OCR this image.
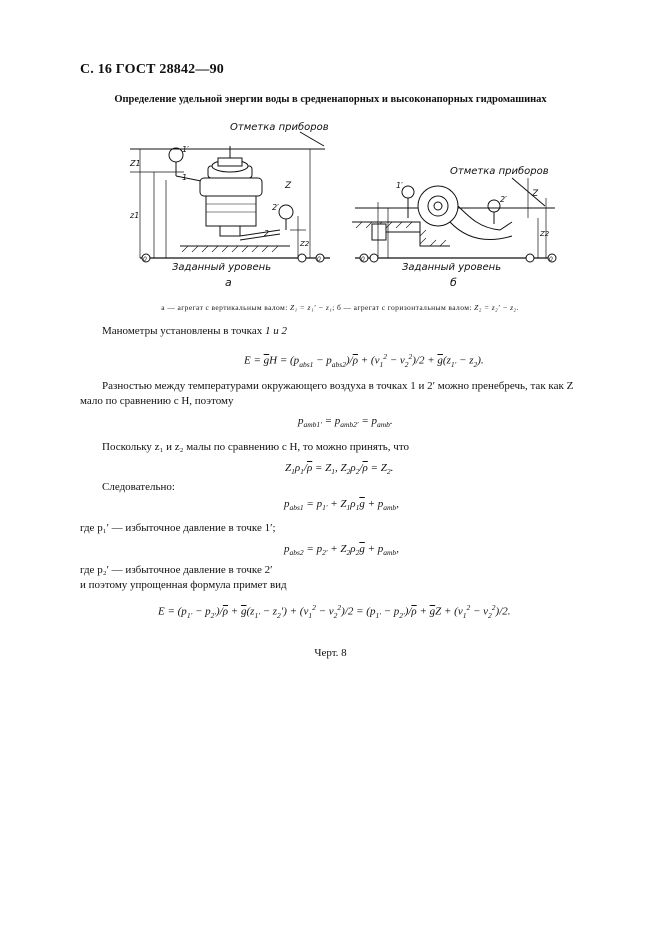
С. 16 ГОСТ 28842—90
Определение удельной энергии воды в средненапорных и высоконапорных гидромашинах
Отметка приборов
Заданный уровень
а
1′
1
2′
2
Z
Z1
z1
Z2
0	0
Отметка приборов
Заданный уровень
б
1′
2′
Z
Z2
0	0
а — агрегат с вертикальным валом: Z₁ = z₁′ − z₁; б — агрегат с горизонтальным валом: Z₂ = z₂′ − z₂.
Манометры установлены в точках 1 и 2
$E = \overline{g}H = (p_{abs1} - p_{abs2})/\overline{\rho} + (v_1^2 - v_2^2)/2 + \overline{g}(z_{1'} - z_2)$.
Разностью между температурами окружающего воздуха в точках 1 и 2′ можно пренебречь, так как Z мало по сравнению с H, поэтому
$p_{amb1'} = p_{amb2'} = p_{amb}$.
Поскольку z₁ и z₂ малы по сравнению с H, то можно принять, что
$Z_1\rho_1/\overline{\rho} = Z_1$, $Z_2\rho_2/\overline{\rho} = Z_2$.
Следовательно:
$p_{abs1} = p_{1'} + Z_1\rho_1\overline{g} + p_{amb}$,
где p₁′ — избыточное давление в точке 1′;
$p_{abs2} = p_{2'} + Z_2\rho_2\overline{g} + p_{amb}$,
где p₂′ — избыточное давление в точке 2′
и поэтому упрощенная формула примет вид
$E = (p_{1'} - p_{2'})/\overline{\rho} + \overline{g}(z_{1'} - z_2') + (v_1^2 - v_2^2)/2 = (p_{1'} - p_{2'})/\overline{\rho} + \overline{g}Z + (v_1^2 - v_2^2)/2$.
Черт. 8
